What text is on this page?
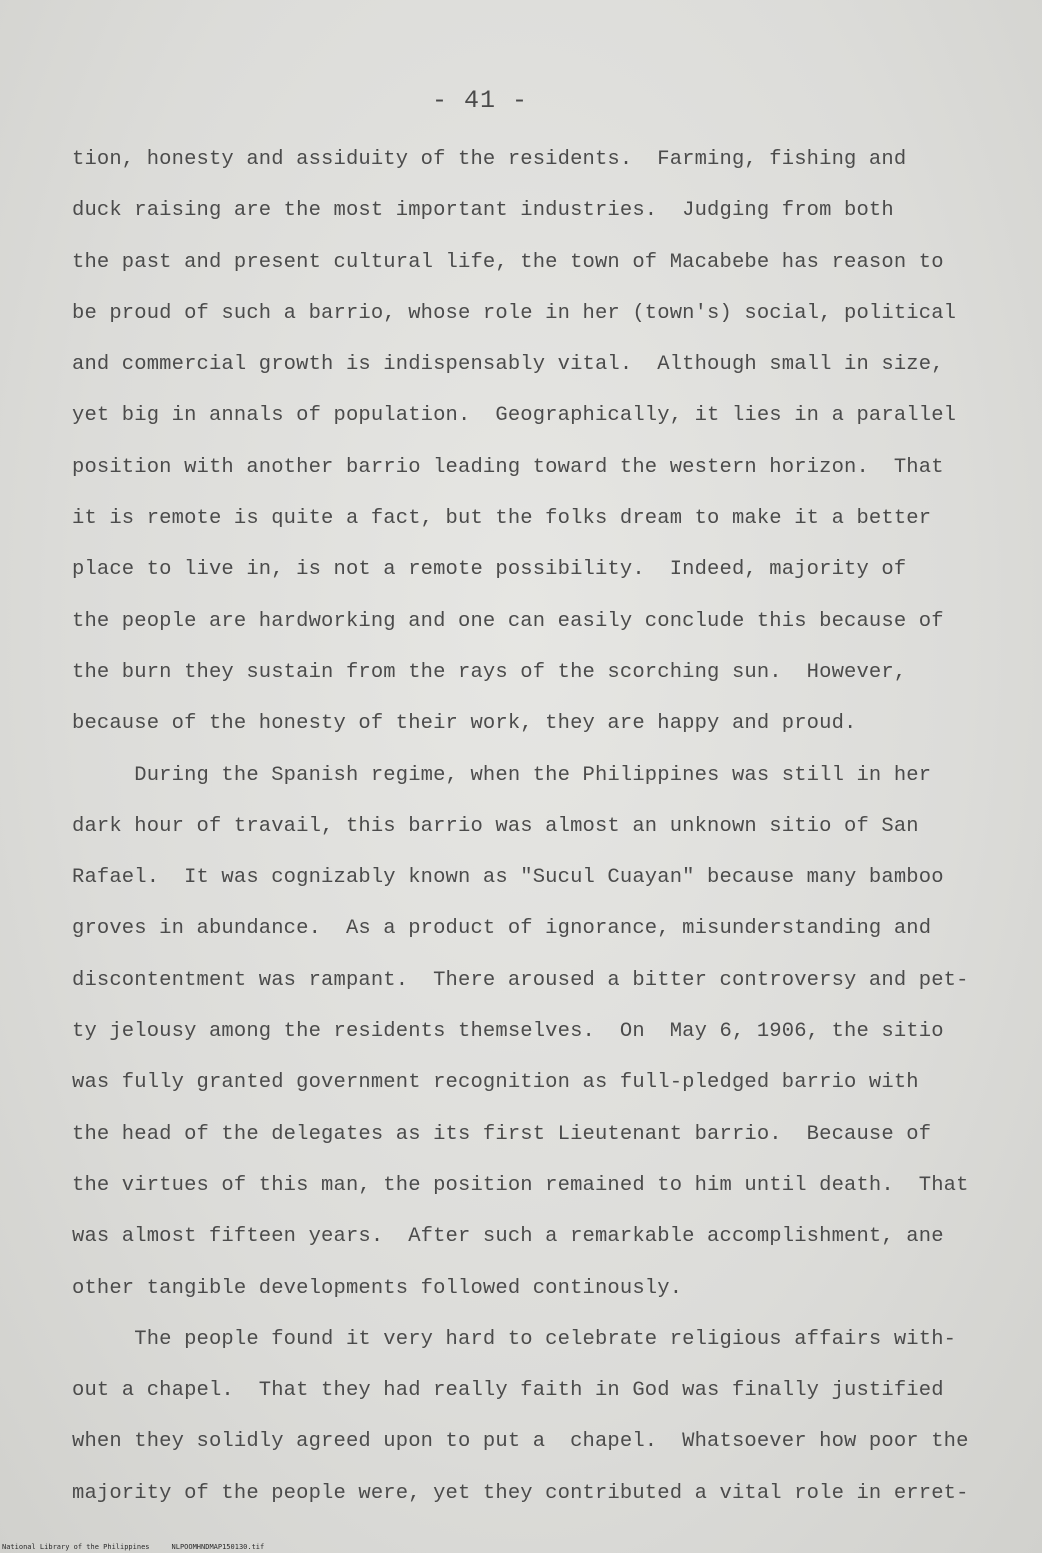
- 41 -
tion, honesty and assiduity of the residents.  Farming, fishing and
duck raising are the most important industries.  Judging from both
the past and present cultural life, the town of Macabebe has reason to
be proud of such a barrio, whose role in her (town's) social, political
and commercial growth is indispensably vital.  Although small in size,
yet big in annals of population.  Geographically, it lies in a parallel
position with another barrio leading toward the western horizon.  That
it is remote is quite a fact, but the folks dream to make it a better
place to live in, is not a remote possibility.  Indeed, majority of
the people are hardworking and one can easily conclude this because of
the burn they sustain from the rays of the scorching sun.  However,
because of the honesty of their work, they are happy and proud.
During the Spanish regime, when the Philippines was still in her
dark hour of travail, this barrio was almost an unknown sitio of San
Rafael.  It was cognizably known as "Sucul Cuayan" because many bamboo
groves in abundance.  As a product of ignorance, misunderstanding and
discontentment was rampant.  There aroused a bitter controversy and pet-
ty jelousy among the residents themselves.  On  May 6, 1906, the sitio
was fully granted government recognition as full-pledged barrio with
the head of the delegates as its first Lieutenant barrio.  Because of
the virtues of this man, the position remained to him until death.  That
was almost fifteen years.  After such a remarkable accomplishment, ane
other tangible developments followed continously.
The people found it very hard to celebrate religious affairs with-
out a chapel.  That they had really faith in God was finally justified
when they solidly agreed upon to put a  chapel.  Whatsoever how poor the
majority of the people were, yet they contributed a vital role in erret-
National Library of the Philippines	NLPOOMHNDMAP150130.tif
